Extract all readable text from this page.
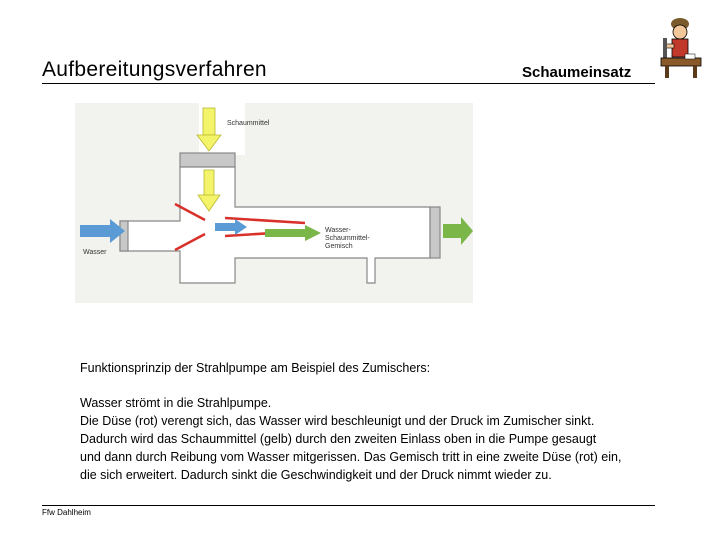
Aufbereitungsverfahren	Schaumeinsatz
Schaummittel
Wasser
Wasser-
Schaummittel-
Gemisch
Funktionsprinzip der Strahlpumpe am Beispiel des Zumischers:
Wasser strömt in die Strahlpumpe.
Die Düse (rot) verengt sich, das Wasser wird beschleunigt und der Druck im Zumischer sinkt.
Dadurch wird das Schaummittel (gelb) durch den zweiten Einlass oben in die Pumpe gesaugt
und dann durch Reibung vom Wasser mitgerissen. Das Gemisch tritt in eine zweite Düse (rot) ein,
die sich erweitert. Dadurch sinkt die Geschwindigkeit und der Druck nimmt wieder zu.
Ffw Dahlheim
